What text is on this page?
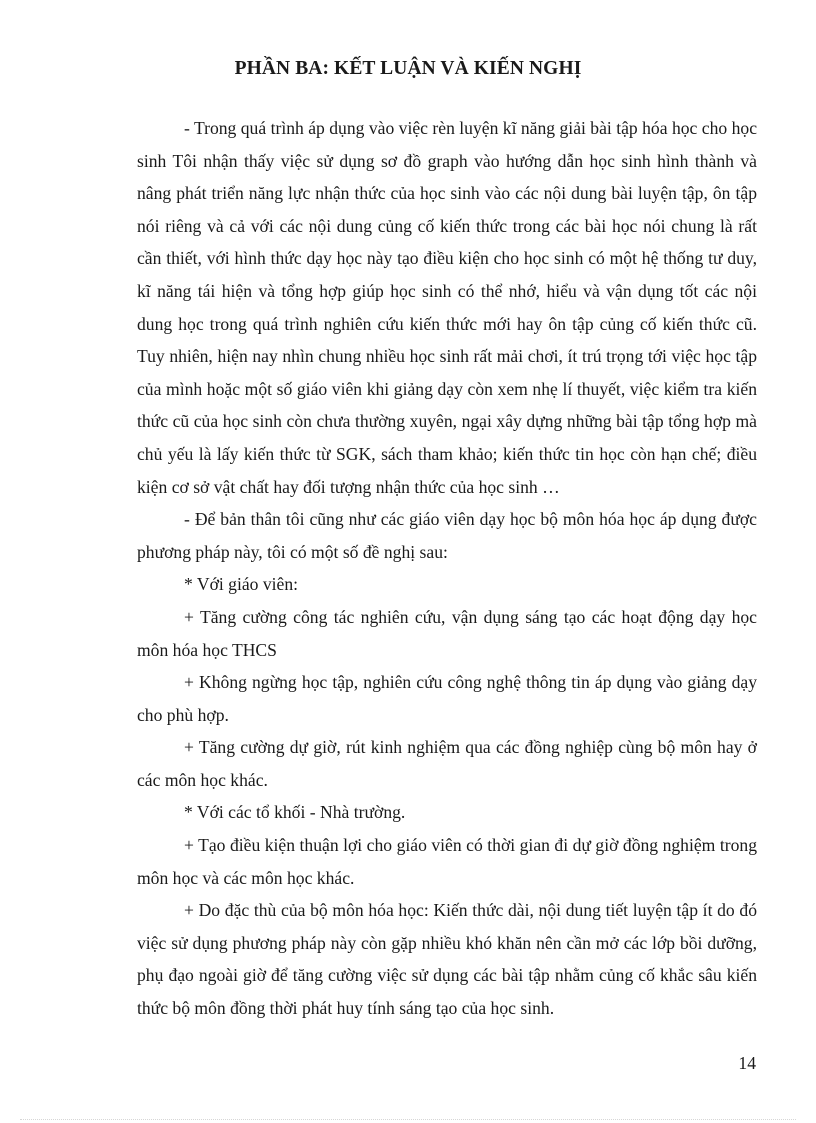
PHẦN BA: KẾT LUẬN VÀ KIẾN NGHỊ

- Trong quá trình áp dụng vào việc rèn luyện kĩ năng giải bài tập hóa học cho học sinh Tôi nhận thấy việc sử dụng sơ đồ graph vào hướng dẫn học sinh hình thành và nâng phát triển năng lực nhận thức của học sinh vào các nội dung bài luyện tập, ôn tập nói riêng và cả với các nội dung củng cố kiến thức trong các bài học nói chung là rất cần thiết, với hình thức dạy học này tạo điều kiện cho học sinh có một hệ thống tư duy, kĩ năng tái hiện và tổng hợp giúp học sinh có thể nhớ, hiểu và vận dụng tốt các nội dung học trong quá trình nghiên cứu kiến thức mới hay ôn tập củng cố kiến thức cũ. Tuy nhiên, hiện nay nhìn chung nhiều học sinh rất mải chơi, ít trú trọng tới việc học tập của mình hoặc một số giáo viên khi giảng dạy còn xem nhẹ lí thuyết, việc kiểm tra kiến thức cũ của học sinh còn chưa thường xuyên, ngại xây dựng những bài tập tổng hợp mà chủ yếu là lấy kiến thức từ SGK, sách tham khảo; kiến thức tin học còn hạn chế; điều kiện cơ sở vật chất hay đối tượng nhận thức của học sinh …

- Để bản thân tôi cũng như các giáo viên dạy học bộ môn hóa học áp dụng được phương pháp này, tôi có một số đề nghị sau:

* Với giáo viên:

+ Tăng cường công tác nghiên cứu, vận dụng sáng tạo các hoạt động dạy học môn hóa học THCS

+ Không ngừng học tập, nghiên cứu công nghệ thông tin áp dụng vào giảng dạy cho phù hợp.

+ Tăng cường dự giờ, rút kinh nghiệm qua các đồng nghiệp cùng bộ môn hay ở các môn học khác.

* Với các tổ khối - Nhà trường.

+ Tạo điều kiện thuận lợi cho giáo viên có thời gian đi dự giờ đồng nghiệm trong môn học và các môn học khác.

+ Do đặc thù của bộ môn hóa học: Kiến thức dài, nội dung tiết luyện tập ít do đó việc sử dụng phương pháp này còn gặp nhiều khó khăn nên cần mở các lớp bồi dưỡng, phụ đạo ngoài giờ để tăng cường việc sử dụng các bài tập nhằm củng cố khắc sâu kiến thức bộ môn đồng thời phát huy tính sáng tạo của học sinh.

14
